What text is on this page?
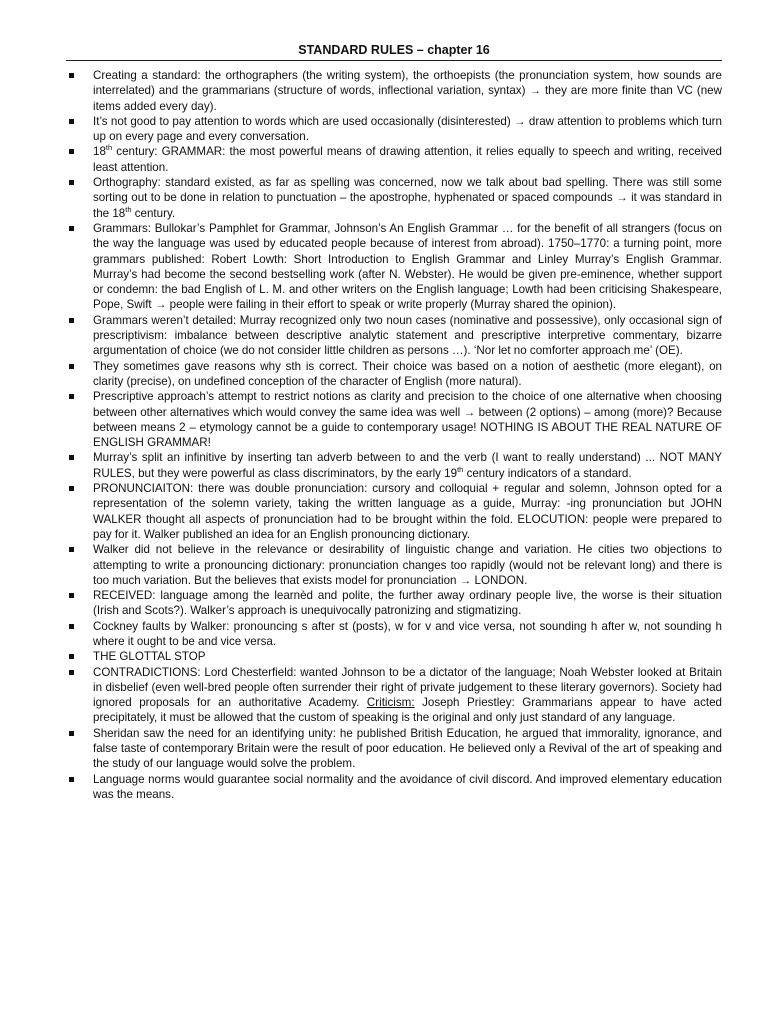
STANDARD RULES – chapter 16
Creating a standard: the orthographers (the writing system), the orthoepists (the pronunciation system, how sounds are interrelated) and the grammarians (structure of words, inflectional variation, syntax) → they are more finite than VC (new items added every day).
It’s not good to pay attention to words which are used occasionally (disinterested) → draw attention to problems which turn up on every page and every conversation.
18th century: GRAMMAR: the most powerful means of drawing attention, it relies equally to speech and writing, received least attention.
Orthography: standard existed, as far as spelling was concerned, now we talk about bad spelling. There was still some sorting out to be done in relation to punctuation – the apostrophe, hyphenated or spaced compounds → it was standard in the 18th century.
Grammars: Bullokar’s Pamphlet for Grammar, Johnson’s An English Grammar … for the benefit of all strangers (focus on the way the language was used by educated people because of interest from abroad). 1750–1770: a turning point, more grammars published: Robert Lowth: Short Introduction to English Grammar and Linley Murray’s English Grammar. Murray’s had become the second bestselling work (after N. Webster). He would be given pre-eminence, whether support or condemn: the bad English of L. M. and other writers on the English language; Lowth had been criticising Shakespeare, Pope, Swift → people were failing in their effort to speak or write properly (Murray shared the opinion).
Grammars weren’t detailed: Murray recognized only two noun cases (nominative and possessive), only occasional sign of prescriptivism: imbalance between descriptive analytic statement and prescriptive interpretive commentary, bizarre argumentation of choice (we do not consider little children as persons …). ‘Nor let no comforter approach me’ (OE).
They sometimes gave reasons why sth is correct. Their choice was based on a notion of aesthetic (more elegant), on clarity (precise), on undefined conception of the character of English (more natural).
Prescriptive approach’s attempt to restrict notions as clarity and precision to the choice of one alternative when choosing between other alternatives which would convey the same idea was well → between (2 options) – among (more)? Because between means 2 – etymology cannot be a guide to contemporary usage! NOTHING IS ABOUT THE REAL NATURE OF ENGLISH GRAMMAR!
Murray’s split an infinitive by inserting tan adverb between to and the verb (I want to really understand) ... NOT MANY RULES, but they were powerful as class discriminators, by the early 19th century indicators of a standard.
PRONUNCIAITON: there was double pronunciation: cursory and colloquial + regular and solemn, Johnson opted for a representation of the solemn variety, taking the written language as a guide, Murray: -ing pronunciation but JOHN WALKER thought all aspects of pronunciation had to be brought within the fold. ELOCUTION: people were prepared to pay for it. Walker published an idea for an English pronouncing dictionary.
Walker did not believe in the relevance or desirability of linguistic change and variation. He cities two objections to attempting to write a pronouncing dictionary: pronunciation changes too rapidly (would not be relevant long) and there is too much variation. But the believes that exists model for pronunciation → LONDON.
RECEIVED: language among the learnèd and polite, the further away ordinary people live, the worse is their situation (Irish and Scots?). Walker’s approach is unequivocally patronizing and stigmatizing.
Cockney faults by Walker: pronouncing s after st (posts), w for v and vice versa, not sounding h after w, not sounding h where it ought to be and vice versa.
THE GLOTTAL STOP
CONTRADICTIONS: Lord Chesterfield: wanted Johnson to be a dictator of the language; Noah Webster looked at Britain in disbelief (even well-bred people often surrender their right of private judgement to these literary governors). Society had ignored proposals for an authoritative Academy. Criticism: Joseph Priestley: Grammarians appear to have acted precipitately, it must be allowed that the custom of speaking is the original and only just standard of any language.
Sheridan saw the need for an identifying unity: he published British Education, he argued that immorality, ignorance, and false taste of contemporary Britain were the result of poor education. He believed only a Revival of the art of speaking and the study of our language would solve the problem.
Language norms would guarantee social normality and the avoidance of civil discord. And improved elementary education was the means.
